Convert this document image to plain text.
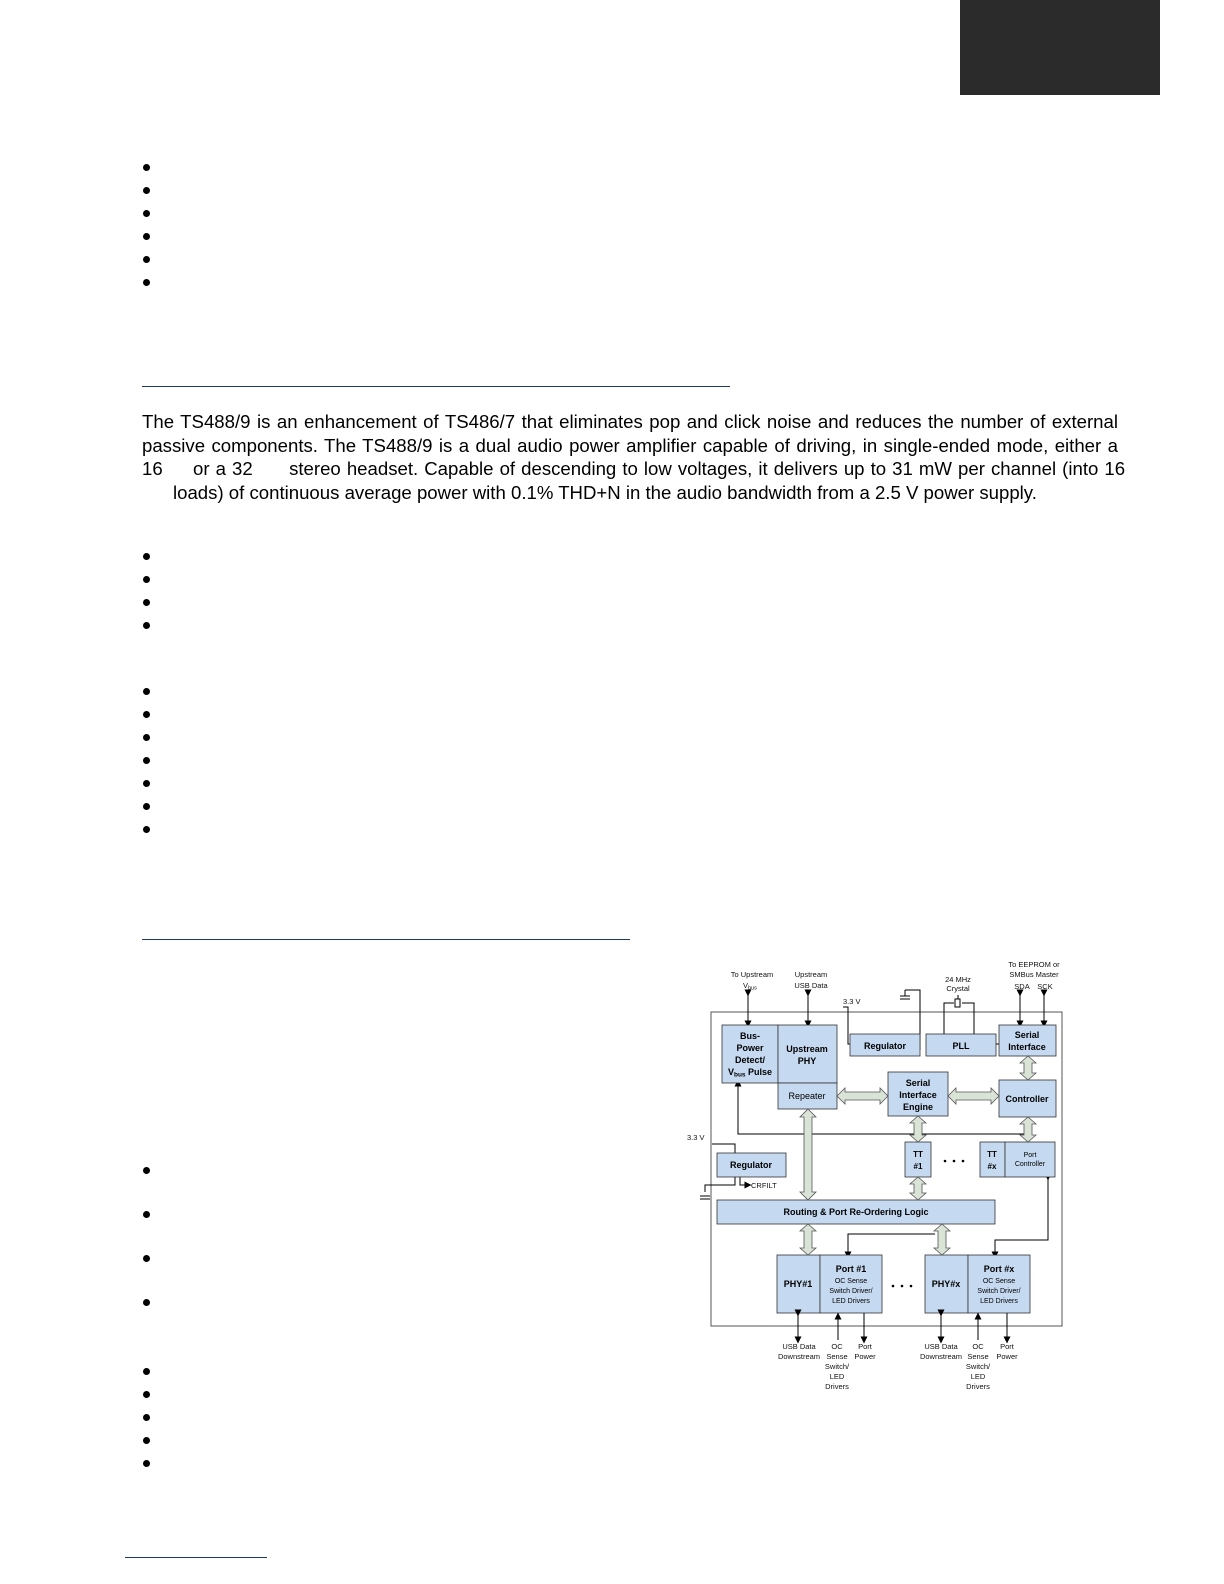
The TS488/9 is an enhancement of TS486/7 that eliminates pop and click noise and reduces the number of external
passive components. The TS488/9 is a dual audio power amplifier capable of driving, in single-ended mode, either a
16     or a 32      stereo headset. Capable of descending to low voltages, it delivers up to 31 mW per channel (into 16
loads) of continuous average power with 0.1% THD+N in the audio bandwidth from a 2.5 V power supply.

To Upstream
$V_{bus}$
Upstream
USB Data
24 MHz
Crystal
To EEPROM or
SMBus Master
SDA SCK
3.3 V
3.3 V
CRFILT
Bus-
Power
Detect/
Vbus Pulse
Upstream
PHY
Repeater
Regulator	PLL
Serial
Interface
Serial
Interface
Engine
Controller
Regulator
TT
#1
TT
#x
Port
Controller
Routing & Port Re-Ordering Logic
PHY#1
Port #1
OC Sense
Switch Driver/
LED Drivers
PHY#x
Port #x
OC Sense
Switch Driver/
LED Drivers
USB Data
Downstream
OC
Sense
Switch/
LED
Drivers
Port
Power
USB Data
Downstream
OC
Sense
Switch/
LED
Drivers
Port
Power
